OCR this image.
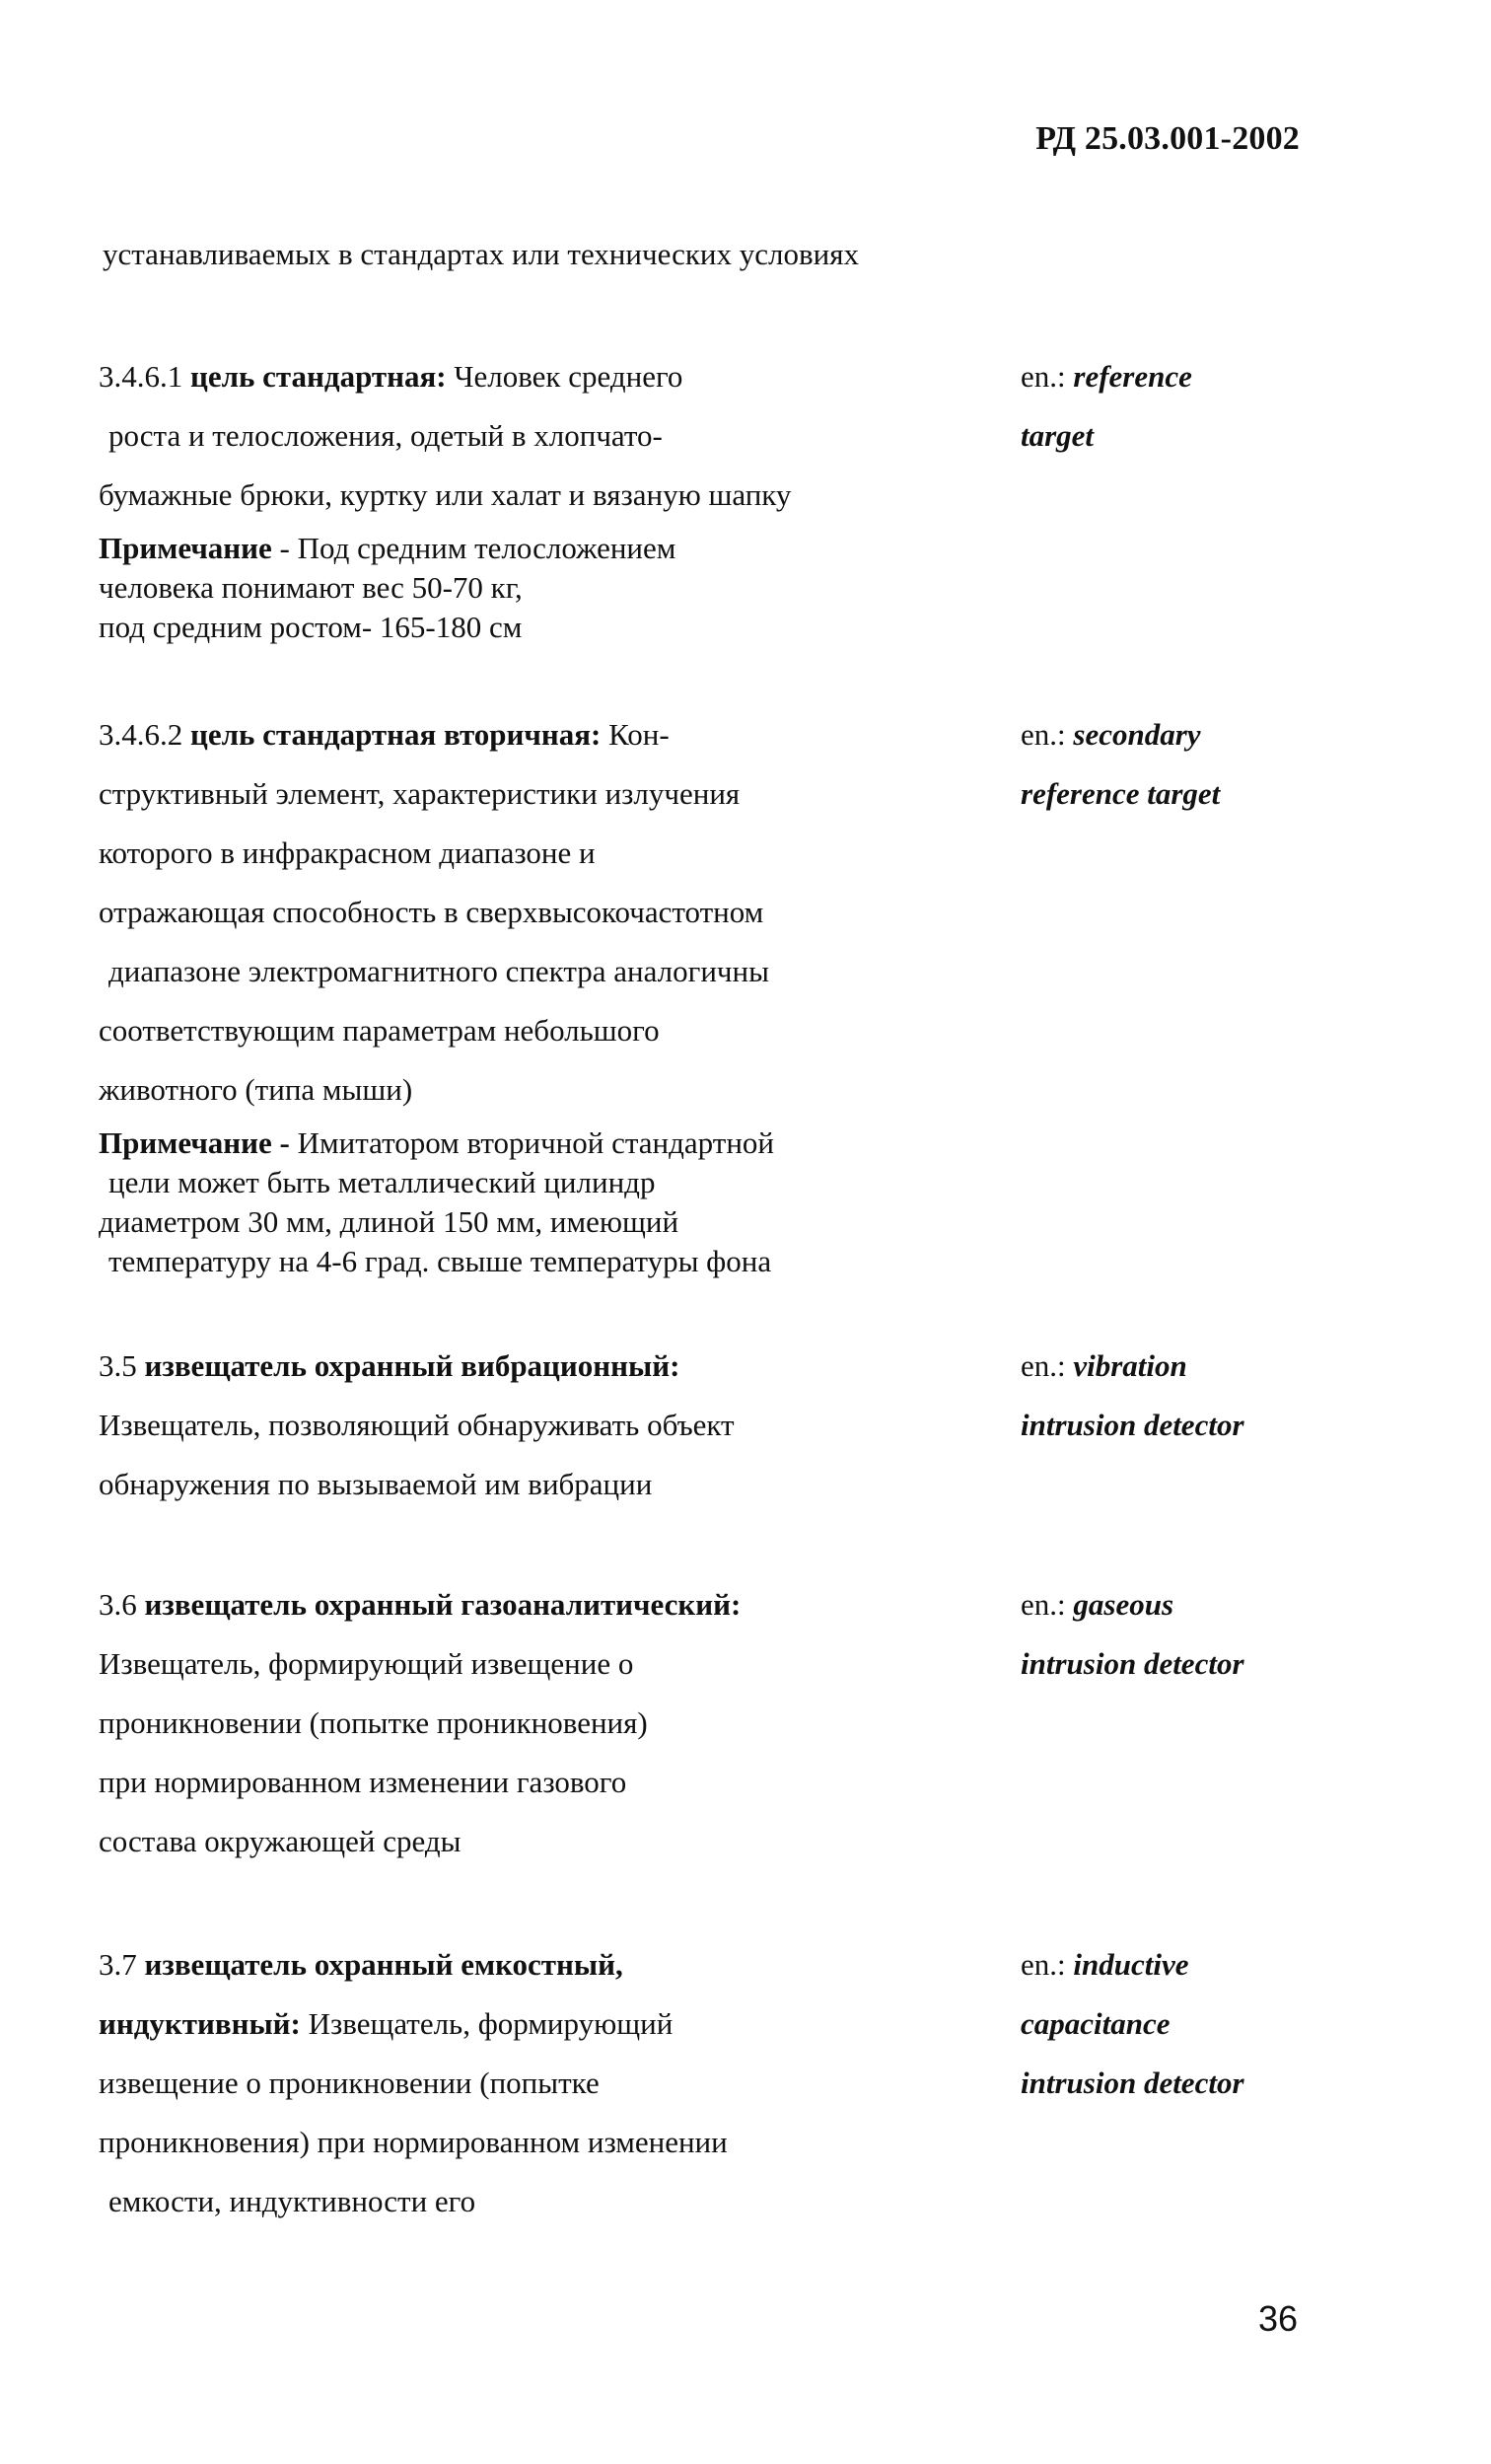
РД 25.03.001-2002
устанавливаемых в стандартах или технических условиях
3.4.6.1 цель стандартная: Человек среднего
роста и телосложения, одетый в хлопчато-
бумажные брюки, куртку или халат и вязаную шапку
Примечание - Под средним телосложением
человека понимают вес 50-70 кг,
под средним ростом- 165-180 см
en.: reference
target
3.4.6.2 цель стандартная вторичная: Кон-
структивный элемент, характеристики излучения
которого в инфракрасном диапазоне и
отражающая способность в сверхвысокочастотном
диапазоне электромагнитного спектра аналогичны
соответствующим параметрам небольшого
животного (типа мыши)
Примечание - Имитатором вторичной стандартной
цели может быть металлический цилиндр
диаметром 30 мм, длиной 150 мм, имеющий
температуру на 4-6 град. свыше температуры фона
en.: secondary
reference target
3.5 извещатель охранный вибрационный:
Извещатель, позволяющий обнаруживать объект
обнаружения по вызываемой им вибрации
en.: vibration
intrusion detector
3.6 извещатель охранный газоаналитический:
Извещатель, формирующий извещение о
проникновении (попытке проникновения)
при нормированном изменении газового
состава окружающей среды
en.: gaseous
intrusion detector
3.7 извещатель охранный емкостный,
индуктивный: Извещатель, формирующий
извещение о проникновении (попытке
проникновения) при нормированном изменении
емкости, индуктивности его
en.: inductive
capacitance
intrusion detector
36
